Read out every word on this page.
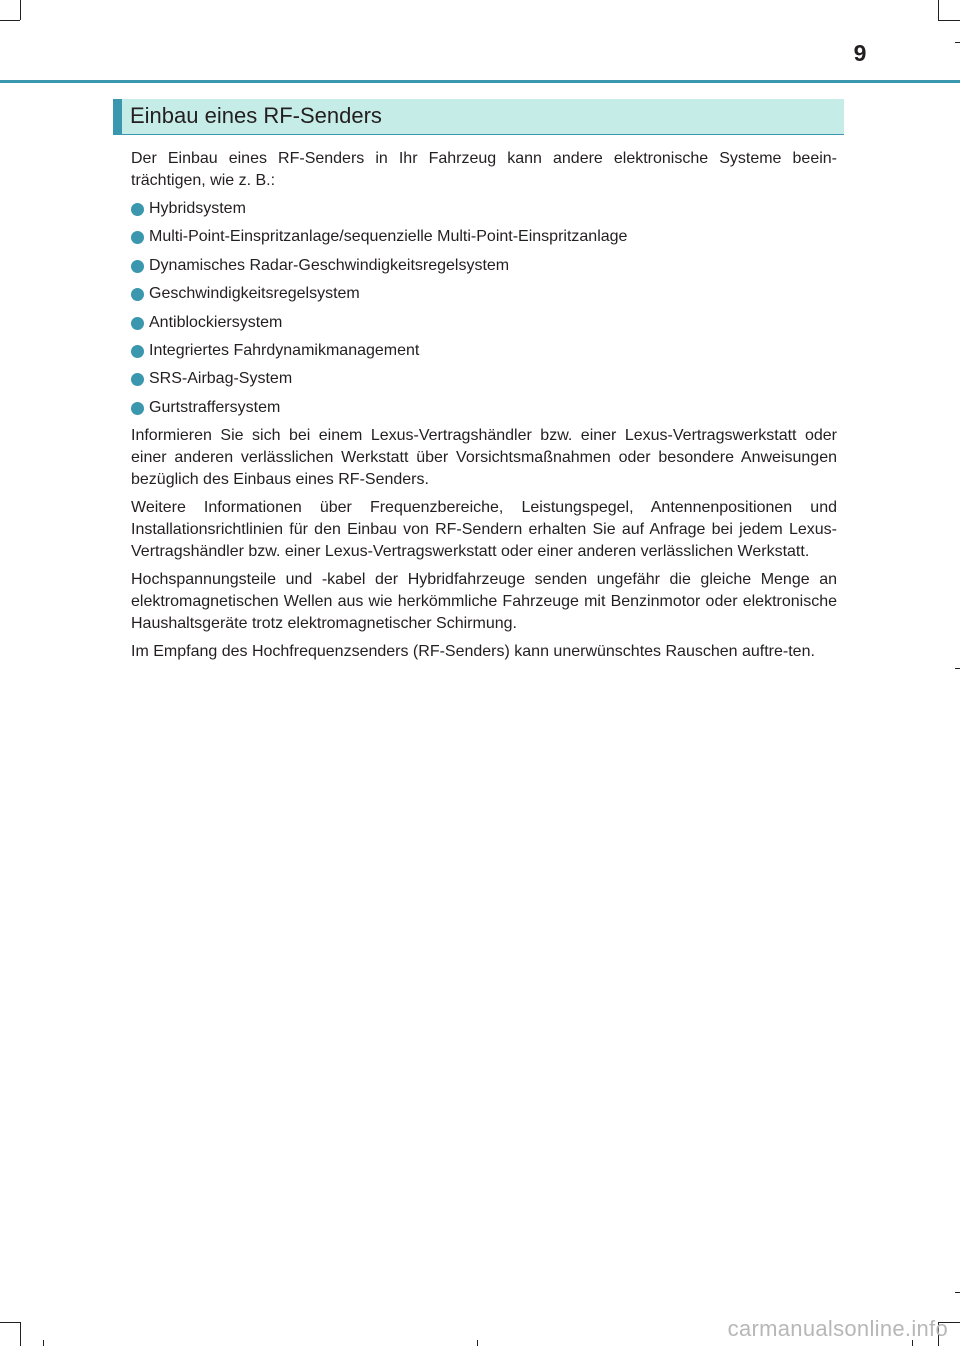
9
Einbau eines RF-Senders

Der Einbau eines RF-Senders in Ihr Fahrzeug kann andere elektronische Systeme beein-trächtigen, wie z. B.:

Hybridsystem
Multi-Point-Einspritzanlage/sequenzielle Multi-Point-Einspritzanlage
Dynamisches Radar-Geschwindigkeitsregelsystem
Geschwindigkeitsregelsystem
Antiblockiersystem
Integriertes Fahrdynamikmanagement
SRS-Airbag-System
Gurtstraffersystem

Informieren Sie sich bei einem Lexus-Vertragshändler bzw. einer Lexus-Vertragswerkstatt oder einer anderen verlässlichen Werkstatt über Vorsichtsmaßnahmen oder besondere Anweisungen bezüglich des Einbaus eines RF-Senders.

Weitere Informationen über Frequenzbereiche, Leistungspegel, Antennenpositionen und Installationsrichtlinien für den Einbau von RF-Sendern erhalten Sie auf Anfrage bei jedem Lexus-Vertragshändler bzw. einer Lexus-Vertragswerkstatt oder einer anderen verlässlichen Werkstatt.

Hochspannungsteile und -kabel der Hybridfahrzeuge senden ungefähr die gleiche Menge an elektromagnetischen Wellen aus wie herkömmliche Fahrzeuge mit Benzinmotor oder elektronische Haushaltsgeräte trotz elektromagnetischer Schirmung.

Im Empfang des Hochfrequenzsenders (RF-Senders) kann unerwünschtes Rauschen auftre-ten.

carmanualsonline.info
